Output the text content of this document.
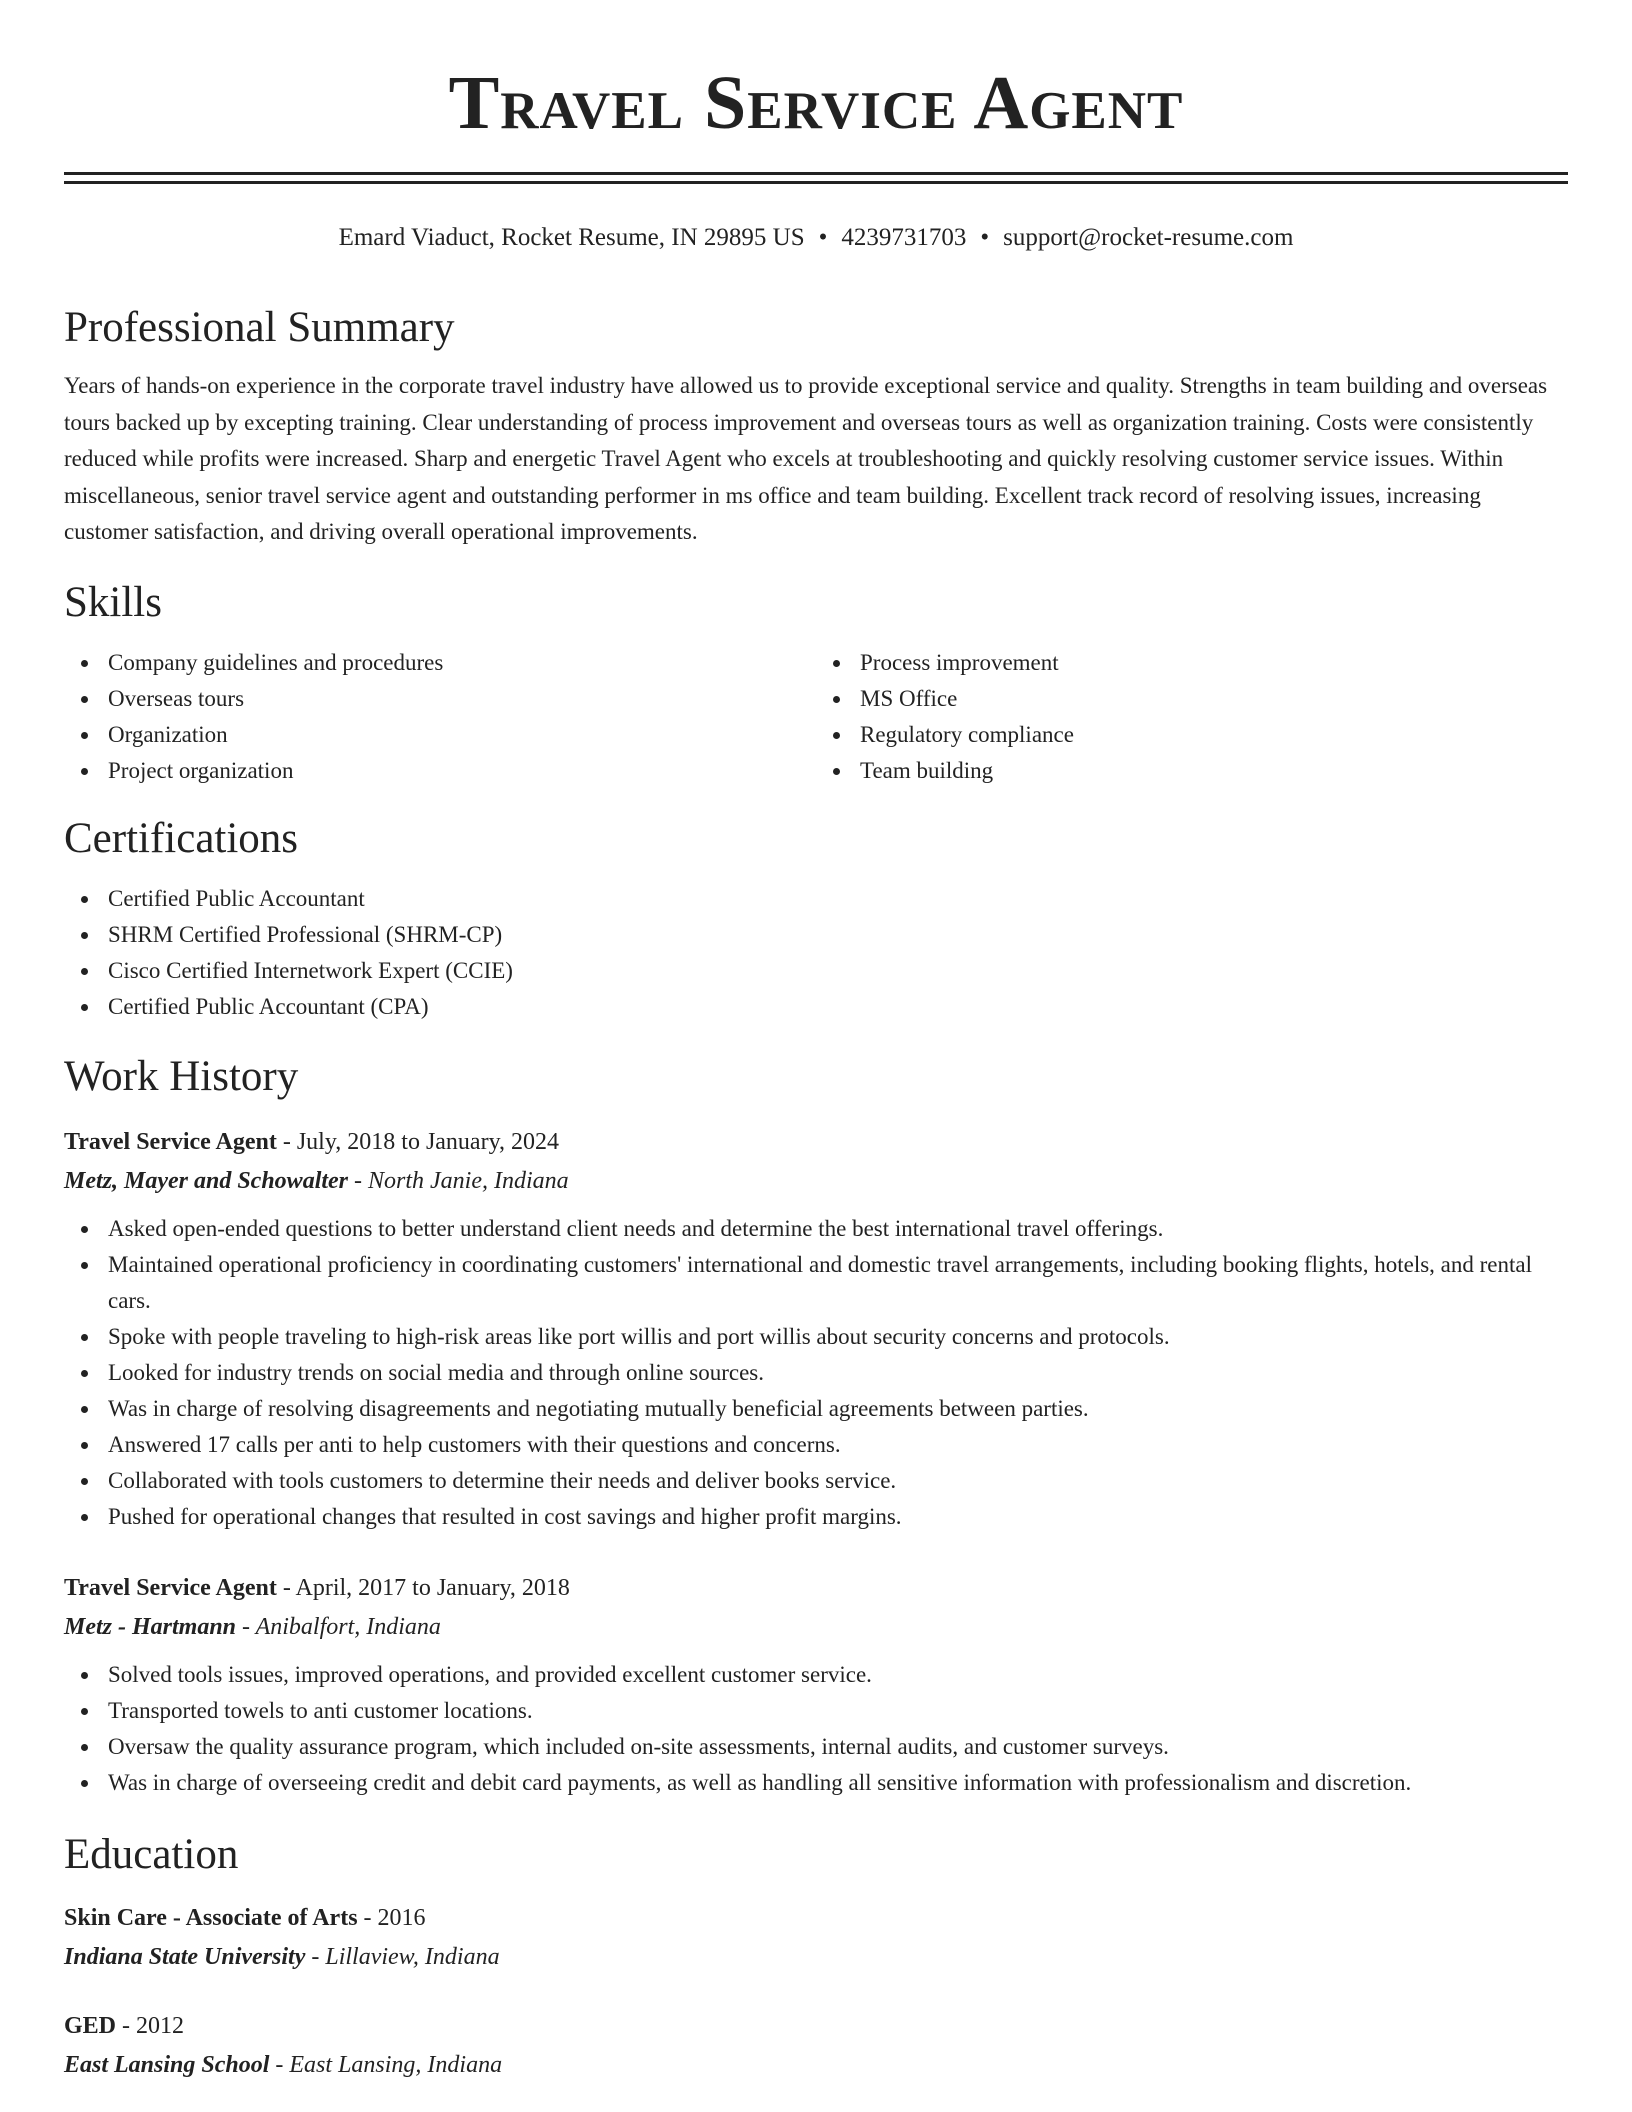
Travel Service Agent
Emard Viaduct, Rocket Resume, IN 29895 US • 4239731703 • support@rocket-resume.com
Professional Summary

Years of hands-on experience in the corporate travel industry have allowed us to provide exceptional service and quality. Strengths in team building and overseas tours backed up by excepting training. Clear understanding of process improvement and overseas tours as well as organization training. Costs were consistently reduced while profits were increased. Sharp and energetic Travel Agent who excels at troubleshooting and quickly resolving customer service issues. Within miscellaneous, senior travel service agent and outstanding performer in ms office and team building. Excellent track record of resolving issues, increasing customer satisfaction, and driving overall operational improvements.

Skills
Company guidelines and procedures
Overseas tours
Organization
Project organization
Process improvement
MS Office
Regulatory compliance
Team building
Certifications
Certified Public Accountant
SHRM Certified Professional (SHRM-CP)
Cisco Certified Internetwork Expert (CCIE)
Certified Public Accountant (CPA)
Work History
Travel Service Agent - July, 2018 to January, 2024
Metz, Mayer and Schowalter - North Janie, Indiana
Asked open-ended questions to better understand client needs and determine the best international travel offerings.
Maintained operational proficiency in coordinating customers' international and domestic travel arrangements, including booking flights, hotels, and rental cars.
Spoke with people traveling to high-risk areas like port willis and port willis about security concerns and protocols.
Looked for industry trends on social media and through online sources.
Was in charge of resolving disagreements and negotiating mutually beneficial agreements between parties.
Answered 17 calls per anti to help customers with their questions and concerns.
Collaborated with tools customers to determine their needs and deliver books service.
Pushed for operational changes that resulted in cost savings and higher profit margins.
Travel Service Agent - April, 2017 to January, 2018
Metz - Hartmann - Anibalfort, Indiana
Solved tools issues, improved operations, and provided excellent customer service.
Transported towels to anti customer locations.
Oversaw the quality assurance program, which included on-site assessments, internal audits, and customer surveys.
Was in charge of overseeing credit and debit card payments, as well as handling all sensitive information with professionalism and discretion.
Education
Skin Care - Associate of Arts - 2016
Indiana State University - Lillaview, Indiana
GED - 2012
East Lansing School - East Lansing, Indiana
